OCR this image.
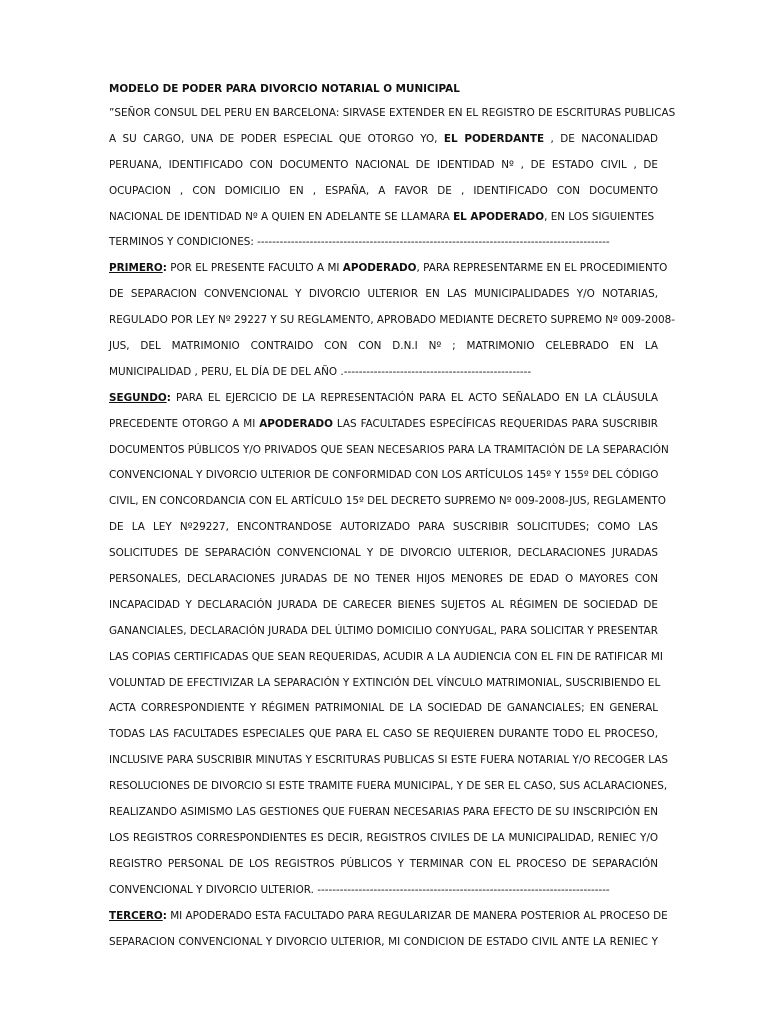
MODELO DE PODER PARA DIVORCIO NOTARIAL O MUNICIPAL
”SEÑOR CONSUL DEL PERU EN BARCELONA: SIRVASE EXTENDER EN EL REGISTRO DE ESCRITURAS PUBLICAS
A SU CARGO, UNA DE PODER ESPECIAL QUE OTORGO YO, EL PODERDANTE , DE NACONALIDAD
PERUANA, IDENTIFICADO CON DOCUMENTO NACIONAL DE IDENTIDAD Nº , DE ESTADO CIVIL , DE
OCUPACION , CON DOMICILIO EN , ESPAÑA, A FAVOR DE , IDENTIFICADO CON DOCUMENTO
NACIONAL DE IDENTIDAD Nº A QUIEN EN ADELANTE SE LLAMARA EL APODERADO, EN LOS SIGUIENTES
TERMINOS Y CONDICIONES: ----------------------------------------------------------------------------------------------
PRIMERO: POR EL PRESENTE FACULTO A MI APODERADO, PARA REPRESENTARME EN EL PROCEDIMIENTO
DE SEPARACION CONVENCIONAL Y DIVORCIO ULTERIOR EN LAS MUNICIPALIDADES Y/O NOTARIAS,
REGULADO POR LEY Nº 29227 Y SU REGLAMENTO, APROBADO MEDIANTE DECRETO SUPREMO Nº 009-2008-
JUS, DEL MATRIMONIO CONTRAIDO CON CON D.N.I Nº ; MATRIMONIO CELEBRADO EN LA
MUNICIPALIDAD , PERU, EL DÍA DE DEL AÑO .--------------------------------------------------
SEGUNDO: PARA EL EJERCICIO DE LA REPRESENTACIÓN PARA EL ACTO SEÑALADO EN LA CLÁUSULA
PRECEDENTE OTORGO A MI APODERADO LAS FACULTADES ESPECÍFICAS REQUERIDAS PARA SUSCRIBIR
DOCUMENTOS PÚBLICOS Y/O PRIVADOS QUE SEAN NECESARIOS PARA LA TRAMITACIÓN DE LA SEPARACIÓN
CONVENCIONAL Y DIVORCIO ULTERIOR DE CONFORMIDAD CON LOS ARTÍCULOS 145º Y 155º DEL CÓDIGO
CIVIL, EN CONCORDANCIA CON EL ARTÍCULO 15º DEL DECRETO SUPREMO Nº 009-2008-JUS, REGLAMENTO
DE LA LEY Nº29227, ENCONTRANDOSE AUTORIZADO PARA SUSCRIBIR SOLICITUDES; COMO LAS
SOLICITUDES DE SEPARACIÓN CONVENCIONAL Y DE DIVORCIO ULTERIOR, DECLARACIONES JURADAS
PERSONALES, DECLARACIONES JURADAS DE NO TENER HIJOS MENORES DE EDAD O MAYORES CON
INCAPACIDAD Y DECLARACIÓN JURADA DE CARECER BIENES SUJETOS AL RÉGIMEN DE SOCIEDAD DE
GANANCIALES, DECLARACIÓN JURADA DEL ÚLTIMO DOMICILIO CONYUGAL, PARA SOLICITAR Y PRESENTAR
LAS COPIAS CERTIFICADAS QUE SEAN REQUERIDAS, ACUDIR A LA AUDIENCIA CON EL FIN DE RATIFICAR MI
VOLUNTAD DE EFECTIVIZAR LA SEPARACIÓN Y EXTINCIÓN DEL VÍNCULO MATRIMONIAL, SUSCRIBIENDO EL
ACTA CORRESPONDIENTE Y RÉGIMEN PATRIMONIAL DE LA SOCIEDAD DE GANANCIALES; EN GENERAL
TODAS LAS FACULTADES ESPECIALES QUE PARA EL CASO SE REQUIEREN DURANTE TODO EL PROCESO,
INCLUSIVE PARA SUSCRIBIR MINUTAS Y ESCRITURAS PUBLICAS SI ESTE FUERA NOTARIAL Y/O RECOGER LAS
RESOLUCIONES DE DIVORCIO SI ESTE TRAMITE FUERA MUNICIPAL, Y DE SER EL CASO, SUS ACLARACIONES,
REALIZANDO ASIMISMO LAS GESTIONES QUE FUERAN NECESARIAS PARA EFECTO DE SU INSCRIPCIÓN EN
LOS REGISTROS CORRESPONDIENTES ES DECIR, REGISTROS CIVILES DE LA MUNICIPALIDAD, RENIEC Y/O
REGISTRO PERSONAL DE LOS REGISTROS PÚBLICOS Y TERMINAR CON EL PROCESO DE SEPARACIÓN
CONVENCIONAL Y DIVORCIO ULTERIOR. ------------------------------------------------------------------------------
TERCERO: MI APODERADO ESTA FACULTADO PARA REGULARIZAR DE MANERA POSTERIOR AL PROCESO DE
SEPARACION CONVENCIONAL Y DIVORCIO ULTERIOR, MI CONDICION DE ESTADO CIVIL ANTE LA RENIEC Y
